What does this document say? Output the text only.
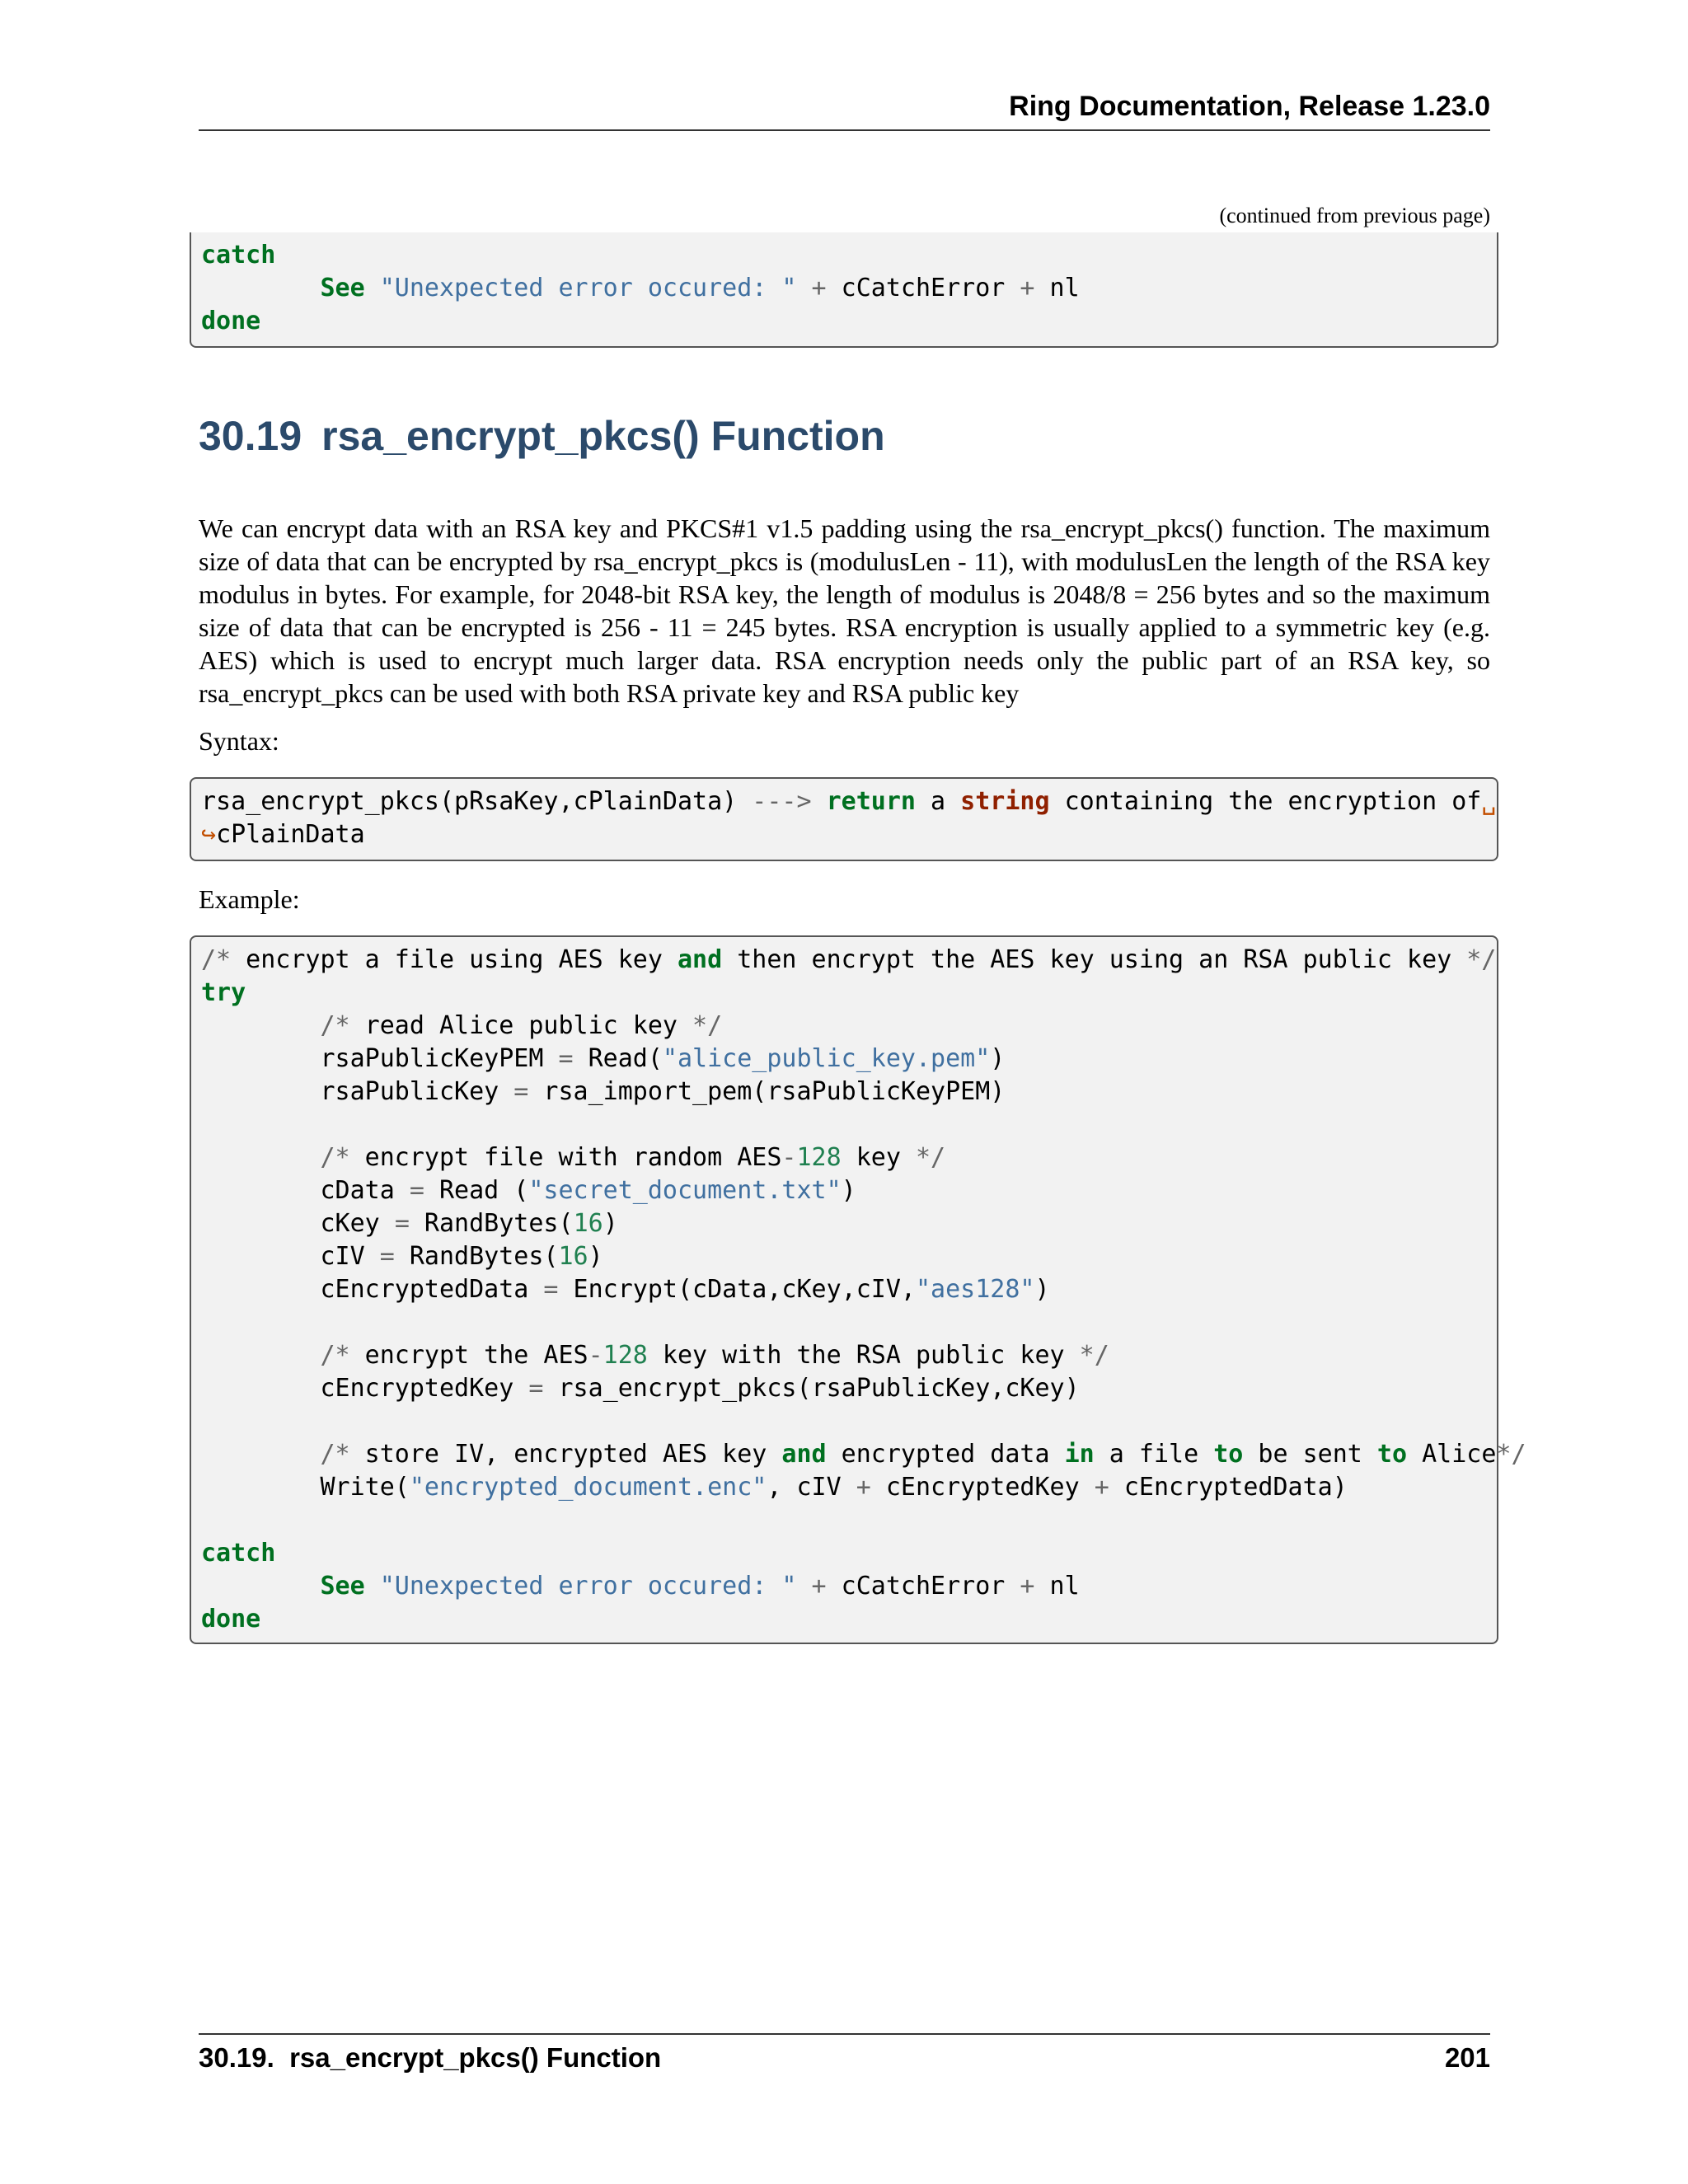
Ring Documentation, Release 1.23.0
(continued from previous page)
catch
See "Unexpected error occured: " + cCatchError + nl
done
30.19 rsa_encrypt_pkcs() Function

We can encrypt data with an RSA key and PKCS#1 v1.5 padding using the rsa_encrypt_pkcs() function. The maximum size of data that can be encrypted by rsa_encrypt_pkcs is (modulusLen - 11), with modulusLen the length of the RSA key modulus in bytes. For example, for 2048-bit RSA key, the length of modulus is 2048/8 = 256 bytes and so the maximum size of data that can be encrypted is 256 - 11 = 245 bytes. RSA encryption is usually applied to a symmetric key (e.g. AES) which is used to encrypt much larger data. RSA encryption needs only the public part of an RSA key, so rsa_encrypt_pkcs can be used with both RSA private key and RSA public key

Syntax:

rsa_encrypt_pkcs(pRsaKey,cPlainData) ---> return a string containing the encryption of␣
↪cPlainData

Example:

/* encrypt a file using AES key and then encrypt the AES key using an RSA public key */
try
/* read Alice public key */
rsaPublicKeyPEM = Read("alice_public_key.pem")
rsaPublicKey = rsa_import_pem(rsaPublicKeyPEM)

/* encrypt file with random AES-128 key */
cData = Read ("secret_document.txt")
cKey = RandBytes(16)
cIV = RandBytes(16)
cEncryptedData = Encrypt(cData,cKey,cIV,"aes128")

/* encrypt the AES-128 key with the RSA public key */
cEncryptedKey = rsa_encrypt_pkcs(rsaPublicKey,cKey)

/* store IV, encrypted AES key and encrypted data in a file to be sent to Alice*/
Write("encrypted_document.enc", cIV + cEncryptedKey + cEncryptedData)

catch
See "Unexpected error occured: " + cCatchError + nl
done
30.19.  rsa_encrypt_pkcs() Function	201
